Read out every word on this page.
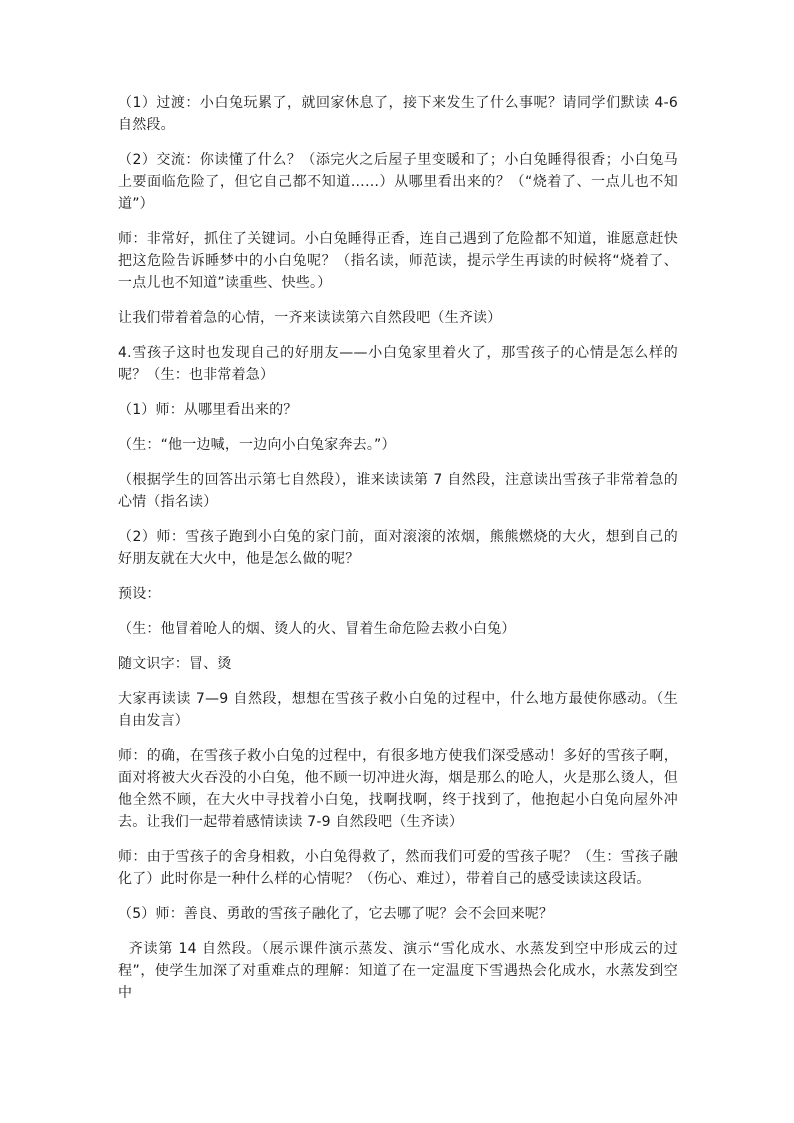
（1）过渡：小白兔玩累了，就回家休息了，接下来发生了什么事呢？请同学们默读 4-6 自然段。

（2）交流：你读懂了什么？（添完火之后屋子里变暖和了；小白兔睡得很香；小白兔马上要面临危险了，但它自己都不知道……）从哪里看出来的？（“烧着了、一点儿也不知道”）

师：非常好，抓住了关键词。小白兔睡得正香，连自己遇到了危险都不知道，谁愿意赶快把这危险告诉睡梦中的小白兔呢？（指名读，师范读，提示学生再读的时候将“烧着了、一点儿也不知道”读重些、快些。）

让我们带着着急的心情，一齐来读读第六自然段吧（生齐读）

4.雪孩子这时也发现自己的好朋友——小白兔家里着火了，那雪孩子的心情是怎么样的呢？（生：也非常着急）

（1）师：从哪里看出来的？

（生：“他一边喊，一边向小白兔家奔去。”）

（根据学生的回答出示第七自然段），谁来读读第 7 自然段，注意读出雪孩子非常着急的心情（指名读）

（2）师：雪孩子跑到小白兔的家门前，面对滚滚的浓烟，熊熊燃烧的大火，想到自己的好朋友就在大火中，他是怎么做的呢？

预设：

（生：他冒着呛人的烟、烫人的火、冒着生命危险去救小白兔）

随文识字：冒、烫

大家再读读 7—9 自然段，想想在雪孩子救小白兔的过程中，什么地方最使你感动。（生自由发言）

师：的确，在雪孩子救小白兔的过程中，有很多地方使我们深受感动！多好的雪孩子啊，面对将被大火吞没的小白兔，他不顾一切冲进火海，烟是那么的呛人，火是那么烫人，但他全然不顾，在大火中寻找着小白兔，找啊找啊，终于找到了，他抱起小白兔向屋外冲去。让我们一起带着感情读读 7-9 自然段吧（生齐读）

师：由于雪孩子的舍身相救，小白兔得救了，然而我们可爱的雪孩子呢？（生：雪孩子融化了）此时你是一种什么样的心情呢？（伤心、难过），带着自己的感受读读这段话。

（5）师：善良、勇敢的雪孩子融化了，它去哪了呢？会不会回来呢？

齐读第 14 自然段。（展示课件演示蒸发、演示“雪化成水、水蒸发到空中形成云的过程”，使学生加深了对重难点的理解：知道了在一定温度下雪遇热会化成水，水蒸发到空中
